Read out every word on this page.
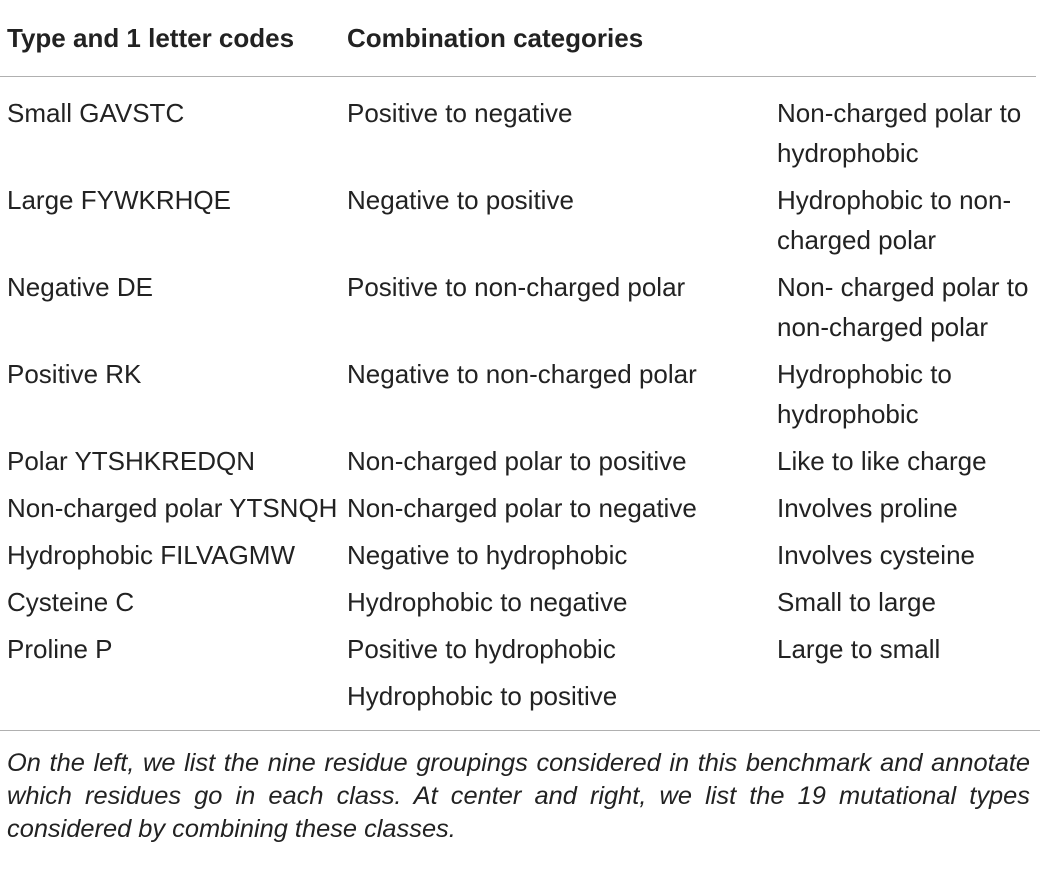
Type and 1 letter codes	Combination categories	
Small GAVSTC	Positive to negative	Non-charged polar to hydrophobic
Large FYWKRHQE	Negative to positive	Hydrophobic to non-charged polar
Negative DE	Positive to non-charged polar	Non- charged polar to non-charged polar
Positive RK	Negative to non-charged polar	Hydrophobic to hydrophobic
Polar YTSHKREDQN	Non-charged polar to positive	Like to like charge
Non-charged polar YTSNQH	Non-charged polar to negative	Involves proline
Hydrophobic FILVAGMW	Negative to hydrophobic	Involves cysteine
Cysteine C	Hydrophobic to negative	Small to large
Proline P	Positive to hydrophobic	Large to small
	Hydrophobic to positive	
On the left, we list the nine residue groupings considered in this benchmark and annotate which residues go in each class. At center and right, we list the 19 mutational types considered by combining these classes.
